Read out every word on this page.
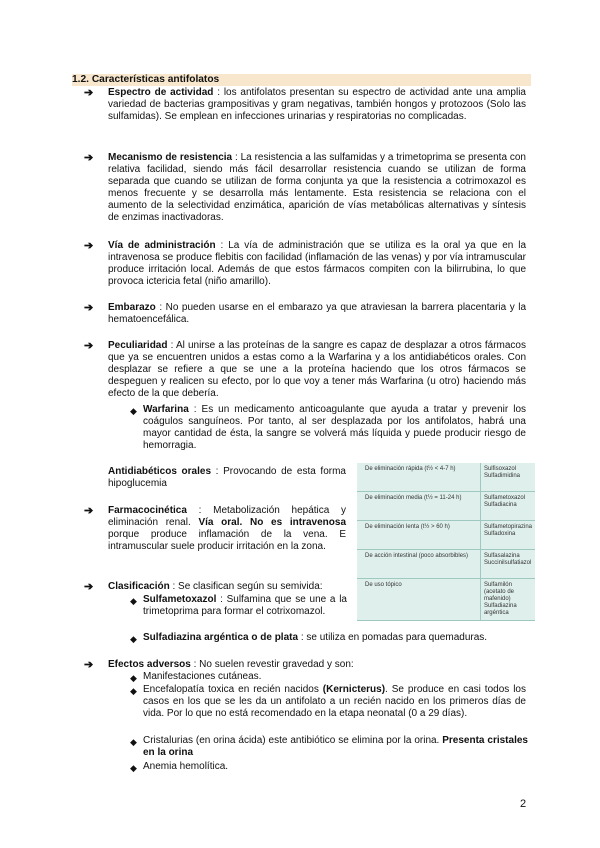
1.2. Características antifolatos
➔ Espectro de actividad : los antifolatos presentan su espectro de actividad ante una amplia variedad de bacterias grampositivas y gram negativas, también hongos y protozoos (Solo las sulfamidas). Se emplean en infecciones urinarias y respiratorias no complicadas.
➔ Mecanismo de resistencia : La resistencia a las sulfamidas y a trimetoprima se presenta con relativa facilidad, siendo más fácil desarrollar resistencia cuando se utilizan de forma separada que cuando se utilizan de forma conjunta ya que la resistencia a cotrimoxazol es menos frecuente y se desarrolla más lentamente. Esta resistencia se relaciona con el aumento de la selectividad enzimática, aparición de vías metabólicas alternativas y síntesis de enzimas inactivadoras.
➔ Vía de administración : La vía de administración que se utiliza es la oral ya que en la intravenosa se produce flebitis con facilidad (inflamación de las venas) y por vía intramuscular produce irritación local. Además de que estos fármacos compiten con la bilirrubina, lo que provoca ictericia fetal (niño amarillo).
➔ Embarazo : No pueden usarse en el embarazo ya que atraviesan la barrera placentaria y la hematoencefálica.
➔ Peculiaridad : Al unirse a las proteínas de la sangre es capaz de desplazar a otros fármacos que ya se encuentren unidos a estas como a la Warfarina y a los antidiabéticos orales. Con desplazar se refiere a que se une a la proteína haciendo que los otros fármacos se despeguen y realicen su efecto, por lo que voy a tener más Warfarina (u otro) haciendo más efecto de la que debería.
◆ Warfarina : Es un medicamento anticoagulante que ayuda a tratar y prevenir los coágulos sanguíneos. Por tanto, al ser desplazada por los antifolatos, habrá una mayor cantidad de ésta, la sangre se volverá más líquida y puede producir riesgo de hemorragia.
Antidiabéticos orales : Provocando de esta forma hipoglucemia
➔ Farmacocinética : Metabolización hepática y eliminación renal. Vía oral. No es intravenosa porque produce inflamación de la vena. E intramuscular suele producir irritación en la zona.
➔ Clasificación : Se clasifican según su semivida:
◆ Sulfametoxazol : Sulfamina que se une a la trimetoprima para formar el cotrixomazol.
◆ Sulfadiazina argéntica o de plata : se utiliza en pomadas para quemaduras.
De eliminación rápida (t½ < 4-7 h)	Sulfisoxazol Sulfadimidina
De eliminación media (t½ = 11-24 h)	Sulfametoxazol Sulfadiacina
De eliminación lenta (t½ > 60 h)	Sulfametopirazina Sulfadoxina
De acción intestinal (poco absorbibles)	Sulfasalazina Succinilsulfatiazol
De uso tópico	Sulfamilón (acetato de mafenido) Sulfadiazina argéntica
➔ Efectos adversos : No suelen revestir gravedad y son:
◆ Manifestaciones cutáneas.
◆ Encefalopatía toxica en recién nacidos (Kernicterus). Se produce en casi todos los casos en los que se les da un antifolato a un recién nacido en los primeros días de vida. Por lo que no está recomendado en la etapa neonatal (0 a 29 días).
◆ Cristalurias (en orina ácida) este antibiótico se elimina por la orina. Presenta cristales en la orina
◆ Anemia hemolítica.
2
